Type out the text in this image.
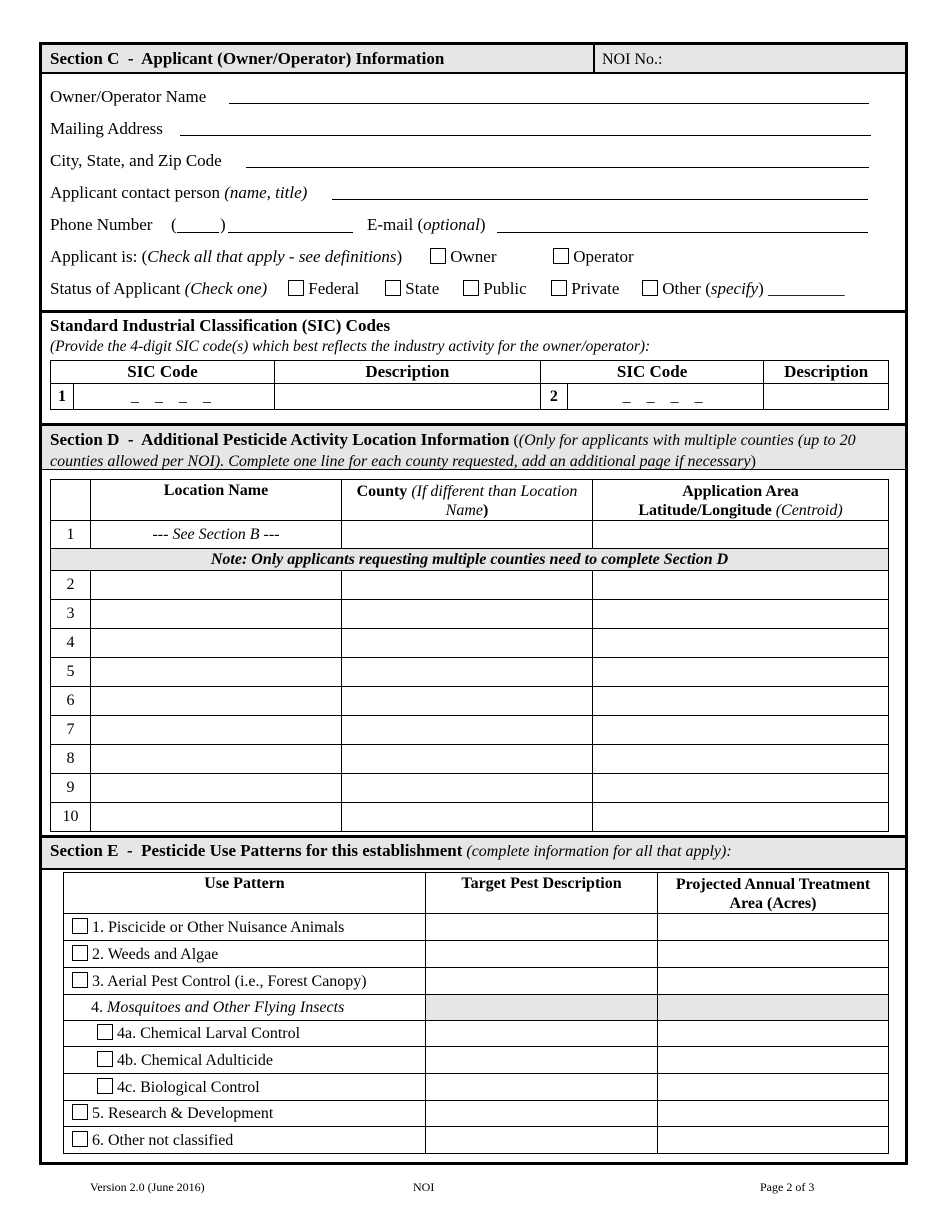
Section C  -  Applicant (Owner/Operator) Information	NOI No.:
Owner/Operator Name
Mailing Address
City, State, and Zip Code
Applicant contact person (name, title)
Phone Number (	)	E-mail (optional)
Applicant is: (Check all that apply - see definitions)	Owner	Operator
Status of Applicant (Check one)	Federal	State	Public	Private	Other (specify) _________
Standard Industrial Classification (SIC) Codes
(Provide the 4-digit SIC code(s) which best reflects the industry activity for the owner/operator):
SIC Code		Description	SIC Code		Description
1	_ _ _ _		2	_ _ _ _	
Section D  -  Additional Pesticide Activity Location Information ((Only for applicants with multiple counties (up to 20 counties allowed per NOI). Complete one line for each county requested, add an additional page if necessary)
	Location Name	County (If different than Location Name)	Application Area
Latitude/Longitude (Centroid)
1	--- See Section B ---		
Note: Only applicants requesting multiple counties need to complete Section D			
2			
3			
4			
5			
6			
7			
8			
9			
10			
Section E  -  Pesticide Use Patterns for this establishment (complete information for all that apply):
Use Pattern	Target Pest Description	Projected Annual Treatment Area (Acres)
1. Piscicide or Other Nuisance Animals		
2. Weeds and Algae		
3. Aerial Pest Control (i.e., Forest Canopy)		
4. Mosquitoes and Other Flying Insects		
4a. Chemical Larval Control		
4b. Chemical Adulticide		
4c. Biological Control		
5. Research & Development		
6. Other not classified		
Version 2.0 (June 2016)	NOI	Page 2 of 3
